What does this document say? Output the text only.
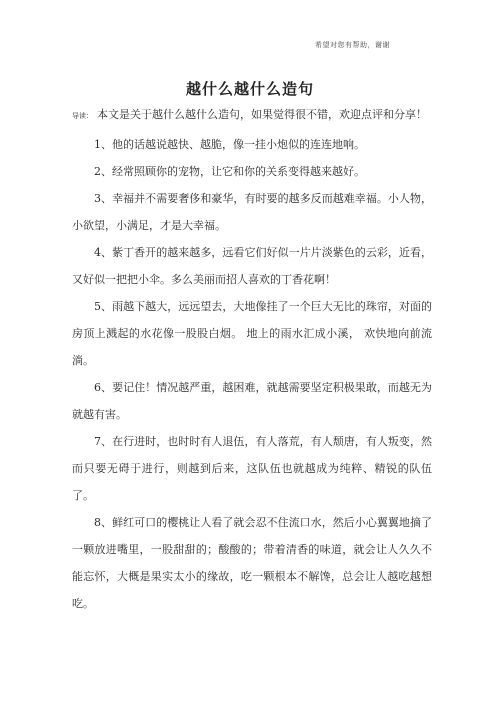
希望对您有帮助，谢谢
越什么越什么造句

导读： 本文是关于越什么越什么造句，如果觉得很不错，欢迎点评和分享！

1、他的话越说越快、越脆，像一挂小炮似的连连地响。

2、经常照顾你的宠物，让它和你的关系变得越来越好。

3、幸福并不需要奢侈和豪华，有时要的越多反而越难幸福。小人物，小欲望，小满足，才是大幸福。

4、紫丁香开的越来越多，远看它们好似一片片淡紫色的云彩，近看，又好似一把把小伞。多么美丽而招人喜欢的丁香花啊！

5、雨越下越大，远远望去，大地像挂了一个巨大无比的珠帘，对面的房顶上溅起的水花像一股股白烟。 地上的雨水汇成小溪， 欢快地向前流淌。

6、要记住！情况越严重，越困难，就越需要坚定积极果敢，而越无为就越有害。

7、在行进时，也时时有人退伍，有人落荒，有人颓唐，有人叛变，然而只要无碍于进行，则越到后来，这队伍也就越成为纯粹、精锐的队伍了。

8、鲜红可口的樱桃让人看了就会忍不住流口水，然后小心翼翼地摘了一颗放进嘴里，一股甜甜的；酸酸的；带着清香的味道，就会让人久久不能忘怀，大概是果实太小的缘故，吃一颗根本不解馋，总会让人越吃越想吃。
